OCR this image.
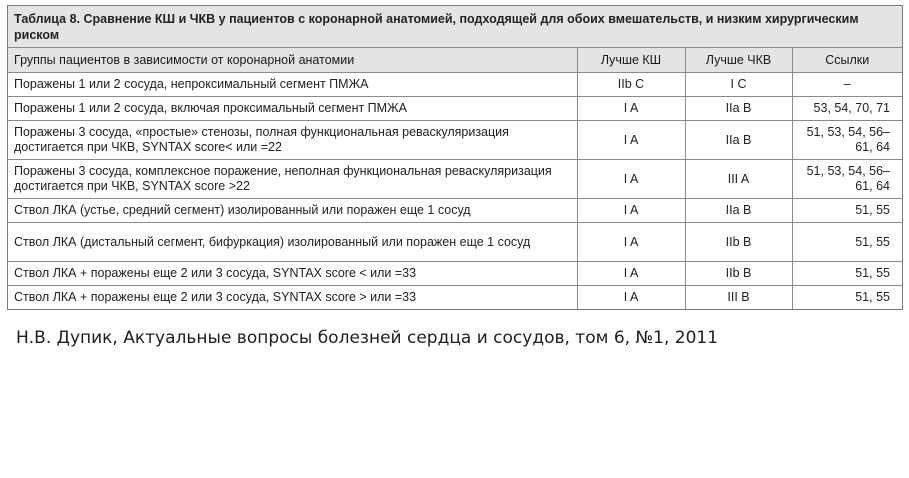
Таблица 8. Сравнение КШ и ЧКВ у пациентов с коронарной анатомией, подходящей для обоих вмешательств, и низким хирургическим риском
Группы пациентов в зависимости от коронарной анатомии	Лучше КШ	Лучше ЧКВ	Ссылки
Поражены 1 или 2 сосуда, непроксимальный сегмент ПМЖА	IIb C	I C	–
Поражены 1 или 2 сосуда, включая проксимальный сегмент ПМЖА	I A	IIa B	53, 54, 70, 71
Поражены 3 сосуда, «простые» стенозы, полная функциональная реваскуляризация достигается при ЧКВ, SYNTAX score< или =22	I A	IIa B	51, 53, 54, 56–61, 64
Поражены 3 сосуда, комплексное поражение, неполная функциональная реваскуляризация достигается при ЧКВ, SYNTAX score >22	I A	III A	51, 53, 54, 56–61, 64
Ствол ЛКА (устье, средний сегмент) изолированный или поражен еще 1 сосуд	I A	IIa B	51, 55
Ствол ЛКА (дистальный сегмент, бифуркация) изолированный или поражен еще 1 сосуд	I A	IIb B	51, 55
Ствол ЛКА + поражены еще 2 или 3 сосуда, SYNTAX score < или =33	I A	IIb B	51, 55
Ствол ЛКА + поражены еще 2 или 3 сосуда, SYNTAX score > или =33	I A	III B	51, 55
Н.В. Дупик, Актуальные вопросы болезней сердца и сосудов, том 6, №1, 2011
